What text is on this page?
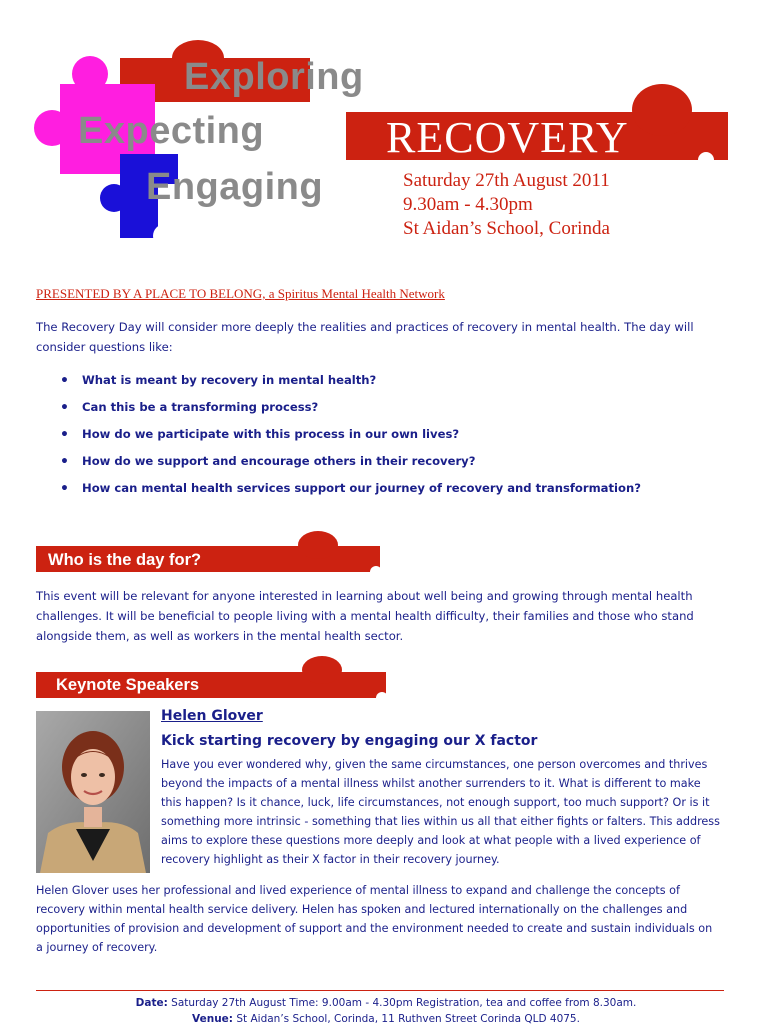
Exploring
Expecting
Engaging
RECOVERY
Saturday 27th August 2011
9.30am - 4.30pm
St Aidan’s School, Corinda
PRESENTED BY A PLACE TO BELONG, a Spiritus Mental Health Network
The Recovery Day will consider more deeply the realities and practices of recovery in mental health. The day will consider questions like:
• What is meant by recovery in mental health?
• Can this be a transforming process?
• How do we participate with this process in our own lives?
• How do we support and encourage others in their recovery?
• How can mental health services support our journey of recovery and transformation?
Who is the day for?
This event will be relevant for anyone interested in learning about well being and growing through mental health challenges. It will be beneficial to people living with a mental health difficulty, their families and those who stand alongside them, as well as workers in the mental health sector.
Keynote Speakers
Helen Glover
Kick starting recovery by engaging our X factor
Have you ever wondered why, given the same circumstances, one person overcomes and thrives beyond the impacts of a mental illness whilst another surrenders to it. What is different to make this happen? Is it chance, luck, life circumstances, not enough support, too much support? Or is it something more intrinsic - something that lies within us all that either fights or falters. This address aims to explore these questions more deeply and look at what people with a lived experience of recovery highlight as their X factor in their recovery journey.
Helen Glover uses her professional and lived experience of mental illness to expand and challenge the concepts of recovery within mental health service delivery. Helen has spoken and lectured internationally on the challenges and opportunities of provision and development of support and the environment needed to create and sustain individuals on a journey of recovery.
Date: Saturday 27th August Time: 9.00am - 4.30pm Registration, tea and coffee from 8.30am.
Venue: St Aidan’s School, Corinda, 11 Ruthven Street Corinda QLD 4075.
